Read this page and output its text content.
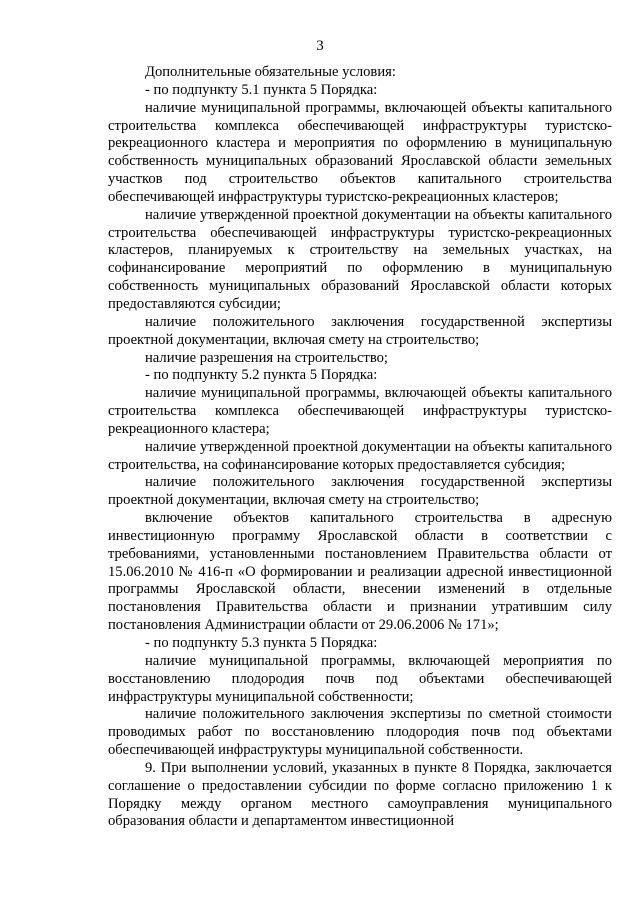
3

Дополнительные обязательные условия:

- по подпункту 5.1 пункта 5 Порядка:

наличие муниципальной программы, включающей объекты капитального строительства комплекса обеспечивающей инфраструктуры туристско-рекреационного кластера и мероприятия по оформлению в муниципальную собственность муниципальных образований Ярославской области земельных участков под строительство объектов капитального строительства обеспечивающей инфраструктуры туристско-рекреационных кластеров;

наличие утвержденной проектной документации на объекты капитального строительства обеспечивающей инфраструктуры туристско-рекреационных кластеров, планируемых к строительству на земельных участках, на софинансирование мероприятий по оформлению в муниципальную собственность муниципальных образований Ярославской области которых предоставляются субсидии;

наличие положительного заключения государственной экспертизы проектной документации, включая смету на строительство;

наличие разрешения на строительство;

- по подпункту 5.2 пункта 5 Порядка:

наличие муниципальной программы, включающей объекты капитального строительства комплекса обеспечивающей инфраструктуры туристско-рекреационного кластера;

наличие утвержденной проектной документации на объекты капитального строительства, на софинансирование которых предоставляется субсидия;

наличие положительного заключения государственной экспертизы проектной документации, включая смету на строительство;

включение объектов капитального строительства в адресную инвестиционную программу Ярославской области в соответствии с требованиями, установленными постановлением Правительства области от 15.06.2010 № 416-п «О формировании и реализации адресной инвестиционной программы Ярославской области, внесении изменений в отдельные постановления Правительства области и признании утратившим силу постановления Администрации области от 29.06.2006 № 171»;

- по подпункту 5.3 пункта 5 Порядка:

наличие муниципальной программы, включающей мероприятия по восстановлению плодородия почв под объектами обеспечивающей инфраструктуры муниципальной собственности;

наличие положительного заключения экспертизы по сметной стоимости проводимых работ по восстановлению плодородия почв под объектами обеспечивающей инфраструктуры муниципальной собственности.

9. При выполнении условий, указанных в пункте 8 Порядка, заключается соглашение о предоставлении субсидии по форме согласно приложению 1 к Порядку между органом местного самоуправления муниципального образования области и департаментом инвестиционной
